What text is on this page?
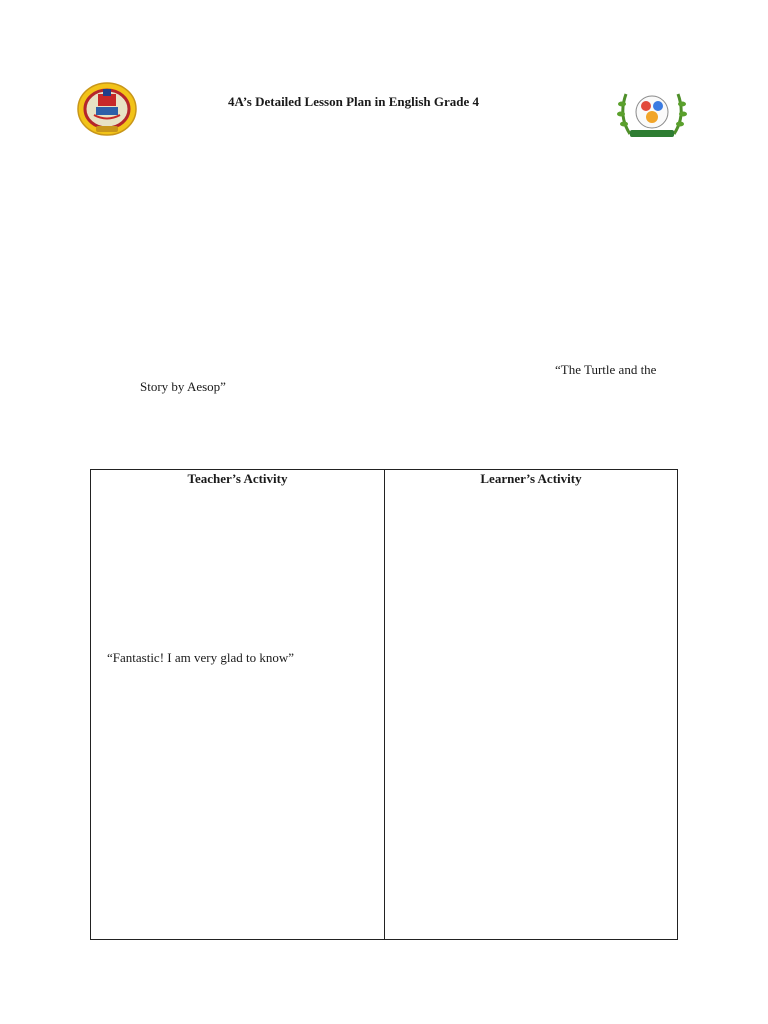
4A’s Detailed Lesson Plan in English Grade 4
“The Turtle and the
Story by Aesop”
Teacher’s Activity
“Fantastic! I am very glad to know”
Learner’s Activity
